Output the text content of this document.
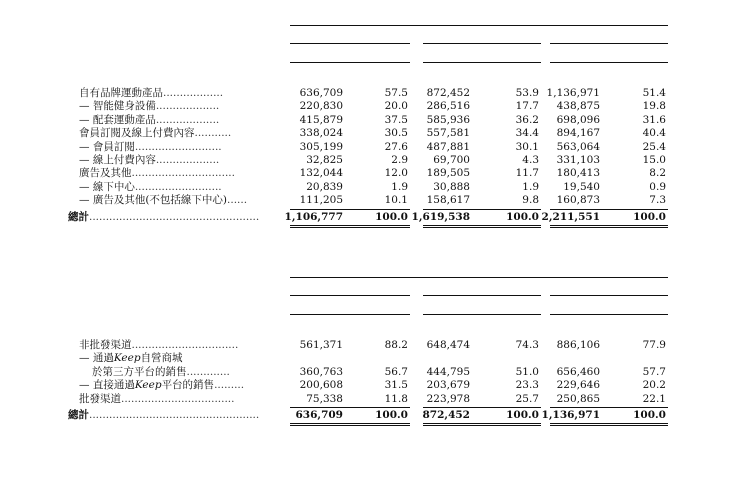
自有品牌運動產品..................	636,709	57.5	872,452	53.9 1,136,971	51.4
— 智能健身設備...................	220,830	20.0	286,516	17.7	438,875	19.8
— 配套運動產品...................	415,879	37.5	585,936	36.2	698,096	31.6
會員訂閱及線上付費內容...........	338,024	30.5	557,581	34.4	894,167	40.4
— 會員訂閱..........................	305,199	27.6	487,881	30.1	563,064	25.4
— 線上付費內容...................	32,825	2.9	69,700	4.3	331,103	15.0
廣告及其他...............................	132,044	12.0	189,505	11.7	180,413	8.2
— 線下中心..........................	20,839	1.9	30,888	1.9	19,540	0.9
— 廣告及其他(不包括線下中心)......	111,205	10.1	158,617	9.8	160,873	7.3
總計...................................................	1,106,777	100.0 1,619,538	100.0 2,211,551	100.0
非批發渠道................................	561,371	88.2	648,474	74.3	886,106	77.9
— 通過Keep自營商城
於第三方平台的銷售.............	360,763	56.7	444,795	51.0	656,460	57.7
— 直接通過Keep平台的銷售.........	200,608	31.5	203,679	23.3	229,646	20.2
批發渠道..................................	75,338	11.8	223,978	25.7	250,865	22.1
總計...................................................	636,709	100.0	872,452	100.0 1,136,971	100.0
